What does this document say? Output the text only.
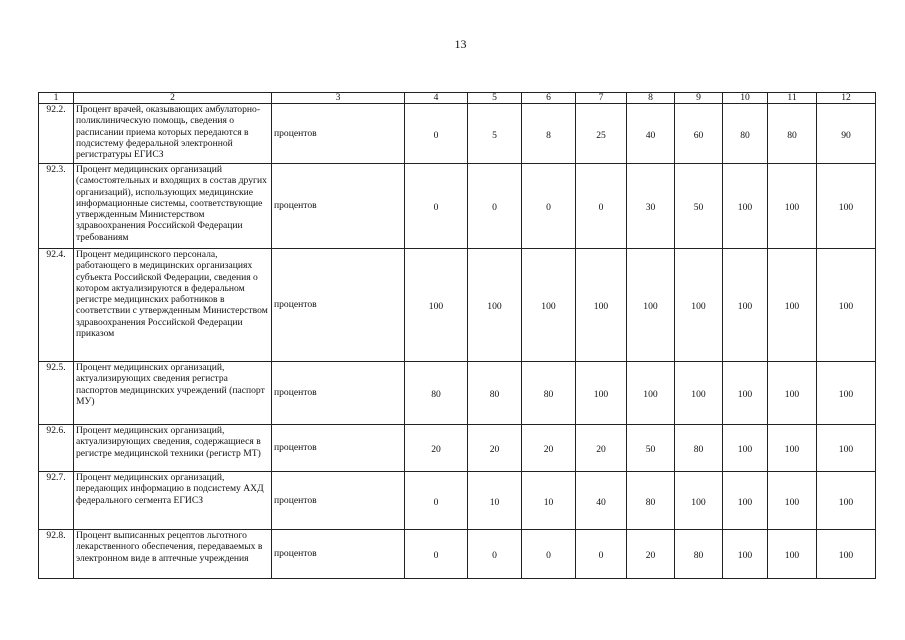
13
1	2	3	4	5	6	7	8	9	10	11	12
92.2.	Процент врачей, оказывающих амбулаторно-поликлиническую помощь, сведения о расписании приема которых передаются в подсистему федеральной электронной регистратуры ЕГИСЗ	процентов	0	5	8	25	40	60	80	80	90
92.3.	Процент медицинских организаций (самостоятельных и входящих в состав других организаций), использующих медицинские информационные системы, соответствующие утвержденным Министерством здравоохранения Российской Федерации требованиям	процентов	0	0	0	0	30	50	100	100	100
92.4.	Процент медицинского персонала, работающего в медицинских организациях субъекта Российской Федерации, сведения о котором актуализируются в федеральном регистре медицинских работников в соответствии с утвержденным Министерством здравоохранения Российской Федерации приказом	процентов	100	100	100	100	100	100	100	100	100
92.5.	Процент медицинских организаций, актуализирующих сведения регистра паспортов медицинских учреждений (паспорт МУ)	процентов	80	80	80	100	100	100	100	100	100
92.6.	Процент медицинских организаций, актуализирующих сведения, содержащиеся в регистре медицинской техники (регистр МТ)	процентов	20	20	20	20	50	80	100	100	100
92.7.	Процент медицинских организаций, передающих информацию в подсистему АХД федерального сегмента ЕГИСЗ	процентов	0	10	10	40	80	100	100	100	100
92.8.	Процент выписанных рецептов льготного лекарственного обеспечения, передаваемых в электронном виде в аптечные учреждения	процентов	0	0	0	0	20	80	100	100	100
